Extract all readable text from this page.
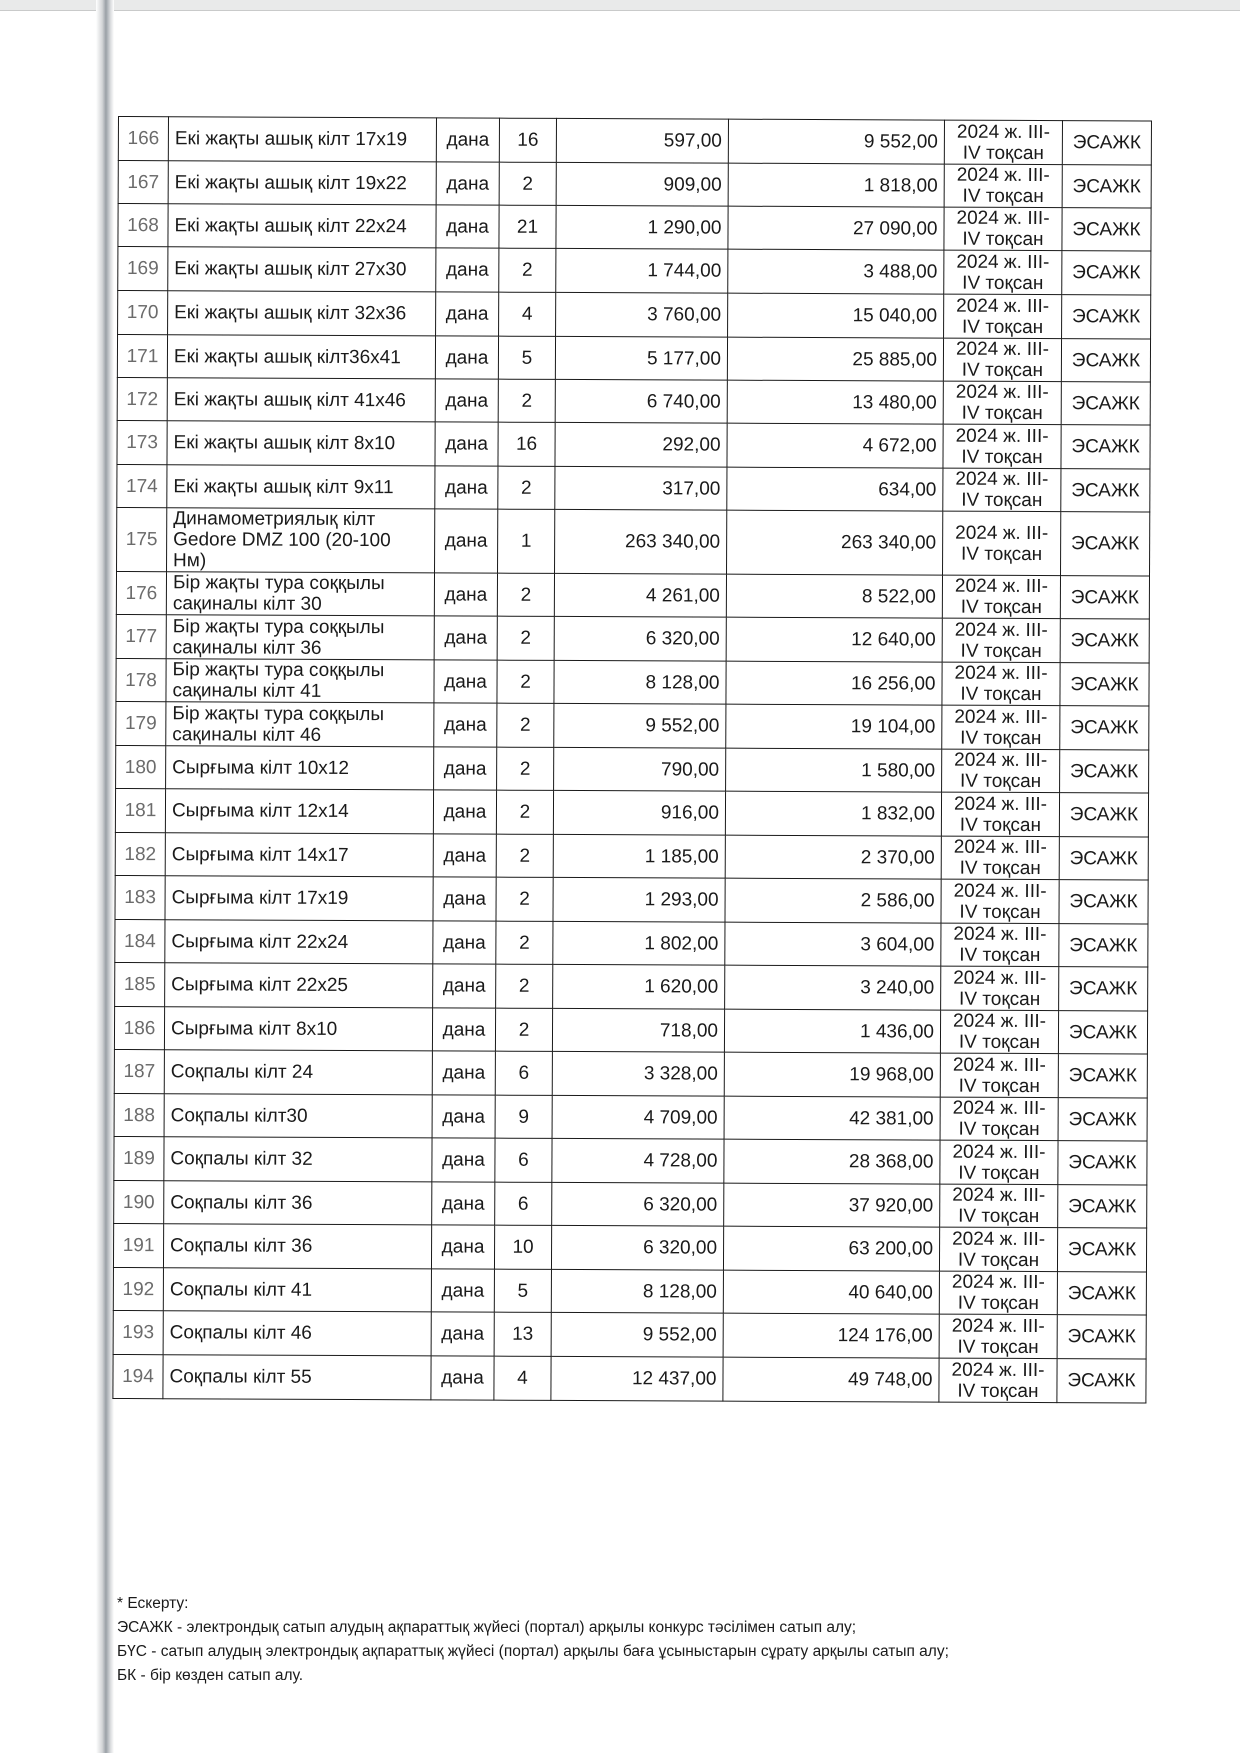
166	Екі жақты ашық кілт 17х19	дана	16	597,00	9 552,00	2024 ж. III-IV тоқсан	ЭСАЖК
167	Екі жақты ашық кілт 19х22	дана	2	909,00	1 818,00	2024 ж. III-IV тоқсан	ЭСАЖК
168	Екі жақты ашық кілт 22х24	дана	21	1 290,00	27 090,00	2024 ж. III-IV тоқсан	ЭСАЖК
169	Екі жақты ашық кілт 27х30	дана	2	1 744,00	3 488,00	2024 ж. III-IV тоқсан	ЭСАЖК
170	Екі жақты ашық кілт 32х36	дана	4	3 760,00	15 040,00	2024 ж. III-IV тоқсан	ЭСАЖК
171	Екі жақты ашық кілт36х41	дана	5	5 177,00	25 885,00	2024 ж. III-IV тоқсан	ЭСАЖК
172	Екі жақты ашық кілт 41х46	дана	2	6 740,00	13 480,00	2024 ж. III-IV тоқсан	ЭСАЖК
173	Екі жақты ашық кілт 8х10	дана	16	292,00	4 672,00	2024 ж. III-IV тоқсан	ЭСАЖК
174	Екі жақты ашық кілт 9х11	дана	2	317,00	634,00	2024 ж. III-IV тоқсан	ЭСАЖК
175	Динамометриялық кілт Gedore DMZ 100 (20-100 Нм)	дана	1	263 340,00	263 340,00	2024 ж. III-IV тоқсан	ЭСАЖК
176	Бір жақты тура соққылы сақиналы кілт 30	дана	2	4 261,00	8 522,00	2024 ж. III-IV тоқсан	ЭСАЖК
177	Бір жақты тура соққылы сақиналы кілт 36	дана	2	6 320,00	12 640,00	2024 ж. III-IV тоқсан	ЭСАЖК
178	Бір жақты тура соққылы сақиналы кілт 41	дана	2	8 128,00	16 256,00	2024 ж. III-IV тоқсан	ЭСАЖК
179	Бір жақты тура соққылы сақиналы кілт 46	дана	2	9 552,00	19 104,00	2024 ж. III-IV тоқсан	ЭСАЖК
180	Сырғыма кілт 10х12	дана	2	790,00	1 580,00	2024 ж. III-IV тоқсан	ЭСАЖК
181	Сырғыма кілт 12х14	дана	2	916,00	1 832,00	2024 ж. III-IV тоқсан	ЭСАЖК
182	Сырғыма кілт 14х17	дана	2	1 185,00	2 370,00	2024 ж. III-IV тоқсан	ЭСАЖК
183	Сырғыма кілт 17х19	дана	2	1 293,00	2 586,00	2024 ж. III-IV тоқсан	ЭСАЖК
184	Сырғыма кілт 22х24	дана	2	1 802,00	3 604,00	2024 ж. III-IV тоқсан	ЭСАЖК
185	Сырғыма кілт 22х25	дана	2	1 620,00	3 240,00	2024 ж. III-IV тоқсан	ЭСАЖК
186	Сырғыма кілт 8х10	дана	2	718,00	1 436,00	2024 ж. III-IV тоқсан	ЭСАЖК
187	Соқпалы кілт 24	дана	6	3 328,00	19 968,00	2024 ж. III-IV тоқсан	ЭСАЖК
188	Соқпалы кілт30	дана	9	4 709,00	42 381,00	2024 ж. III-IV тоқсан	ЭСАЖК
189	Соқпалы кілт 32	дана	6	4 728,00	28 368,00	2024 ж. III-IV тоқсан	ЭСАЖК
190	Соқпалы кілт 36	дана	6	6 320,00	37 920,00	2024 ж. III-IV тоқсан	ЭСАЖК
191	Соқпалы кілт 36	дана	10	6 320,00	63 200,00	2024 ж. III-IV тоқсан	ЭСАЖК
192	Соқпалы кілт 41	дана	5	8 128,00	40 640,00	2024 ж. III-IV тоқсан	ЭСАЖК
193	Соқпалы кілт 46	дана	13	9 552,00	124 176,00	2024 ж. III-IV тоқсан	ЭСАЖК
194	Соқпалы кілт 55	дана	4	12 437,00	49 748,00	2024 ж. III-IV тоқсан	ЭСАЖК
* Ескерту:
ЭСАЖК - электрондық сатып алудың ақпараттық жүйесі (портал) арқылы конкурс тәсілімен сатып алу;
БҮС - сатып алудың электрондық ақпараттық жүйесі (портал) арқылы баға ұсыныстарын сұрату арқылы сатып алу;
БК - бір көзден сатып алу.
